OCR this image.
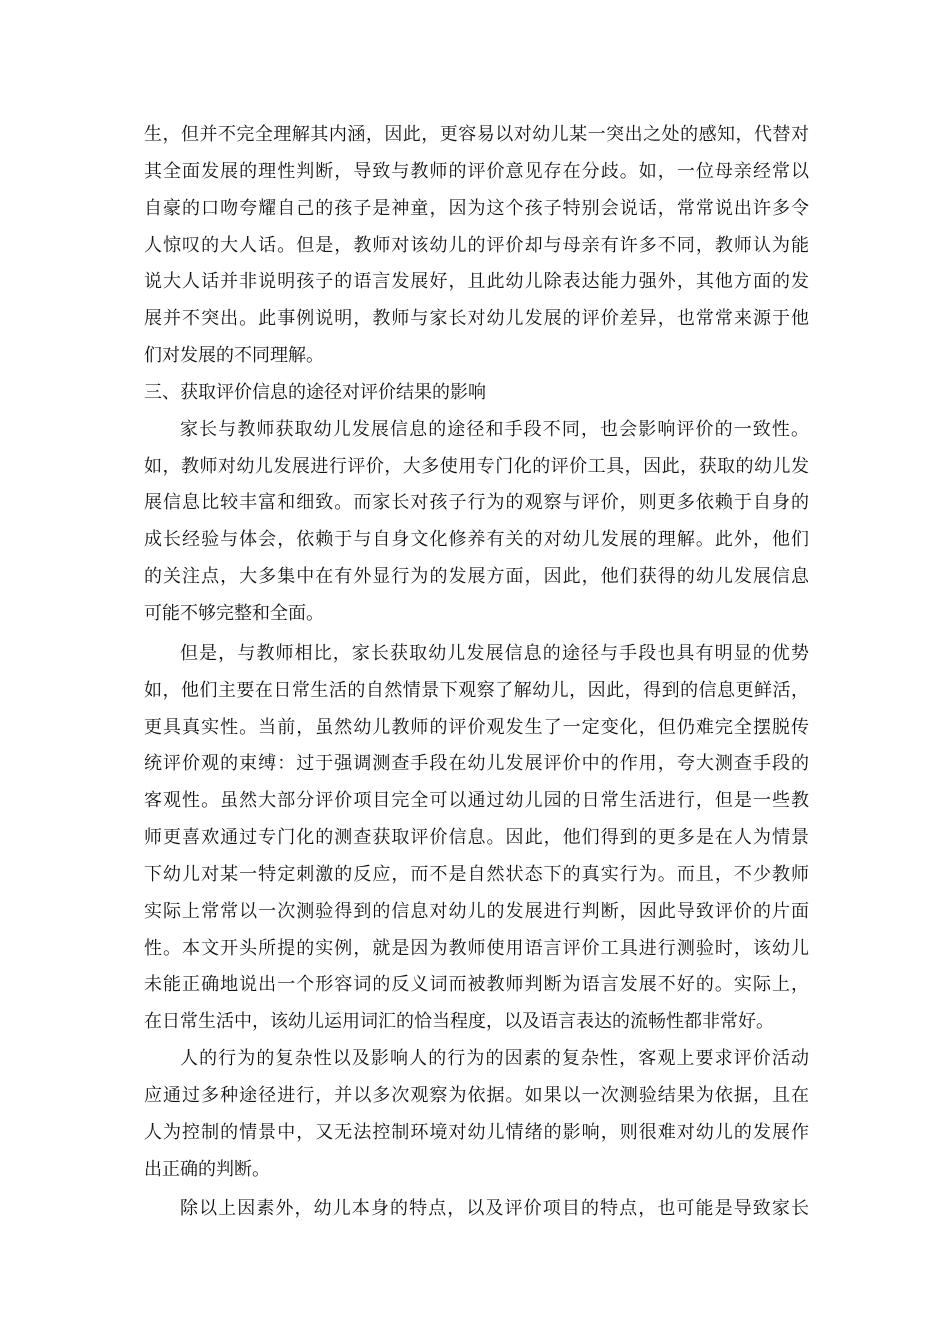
生，但并不完全理解其内涵，因此，更容易以对幼儿某一突出之处的感知，代替对
其全面发展的理性判断，导致与教师的评价意见存在分歧。如，一位母亲经常以
自豪的口吻夸耀自己的孩子是神童，因为这个孩子特别会说话，常常说出许多令
人惊叹的大人话。但是，教师对该幼儿的评价却与母亲有许多不同，教师认为能
说大人话并非说明孩子的语言发展好，且此幼儿除表达能力强外，其他方面的发
展并不突出。此事例说明，教师与家长对幼儿发展的评价差异，也常常来源于他
们对发展的不同理解。
三、获取评价信息的途径对评价结果的影响
家长与教师获取幼儿发展信息的途径和手段不同，也会影响评价的一致性。
如，教师对幼儿发展进行评价，大多使用专门化的评价工具，因此，获取的幼儿发
展信息比较丰富和细致。而家长对孩子行为的观察与评价，则更多依赖于自身的
成长经验与体会，依赖于与自身文化修养有关的对幼儿发展的理解。此外，他们
的关注点，大多集中在有外显行为的发展方面，因此，他们获得的幼儿发展信息
可能不够完整和全面。
但是，与教师相比，家长获取幼儿发展信息的途径与手段也具有明显的优势
如，他们主要在日常生活的自然情景下观察了解幼儿，因此，得到的信息更鲜活，
更具真实性。当前，虽然幼儿教师的评价观发生了一定变化，但仍难完全摆脱传
统评价观的束缚：过于强调测查手段在幼儿发展评价中的作用，夸大测查手段的
客观性。虽然大部分评价项目完全可以通过幼儿园的日常生活进行，但是一些教
师更喜欢通过专门化的测查获取评价信息。因此，他们得到的更多是在人为情景
下幼儿对某一特定刺激的反应，而不是自然状态下的真实行为。而且，不少教师
实际上常常以一次测验得到的信息对幼儿的发展进行判断，因此导致评价的片面
性。本文开头所提的实例，就是因为教师使用语言评价工具进行测验时，该幼儿
未能正确地说出一个形容词的反义词而被教师判断为语言发展不好的。实际上，
在日常生活中，该幼儿运用词汇的恰当程度，以及语言表达的流畅性都非常好。
人的行为的复杂性以及影响人的行为的因素的复杂性，客观上要求评价活动
应通过多种途径进行，并以多次观察为依据。如果以一次测验结果为依据，且在
人为控制的情景中，又无法控制环境对幼儿情绪的影响，则很难对幼儿的发展作
出正确的判断。
除以上因素外，幼儿本身的特点，以及评价项目的特点，也可能是导致家长
